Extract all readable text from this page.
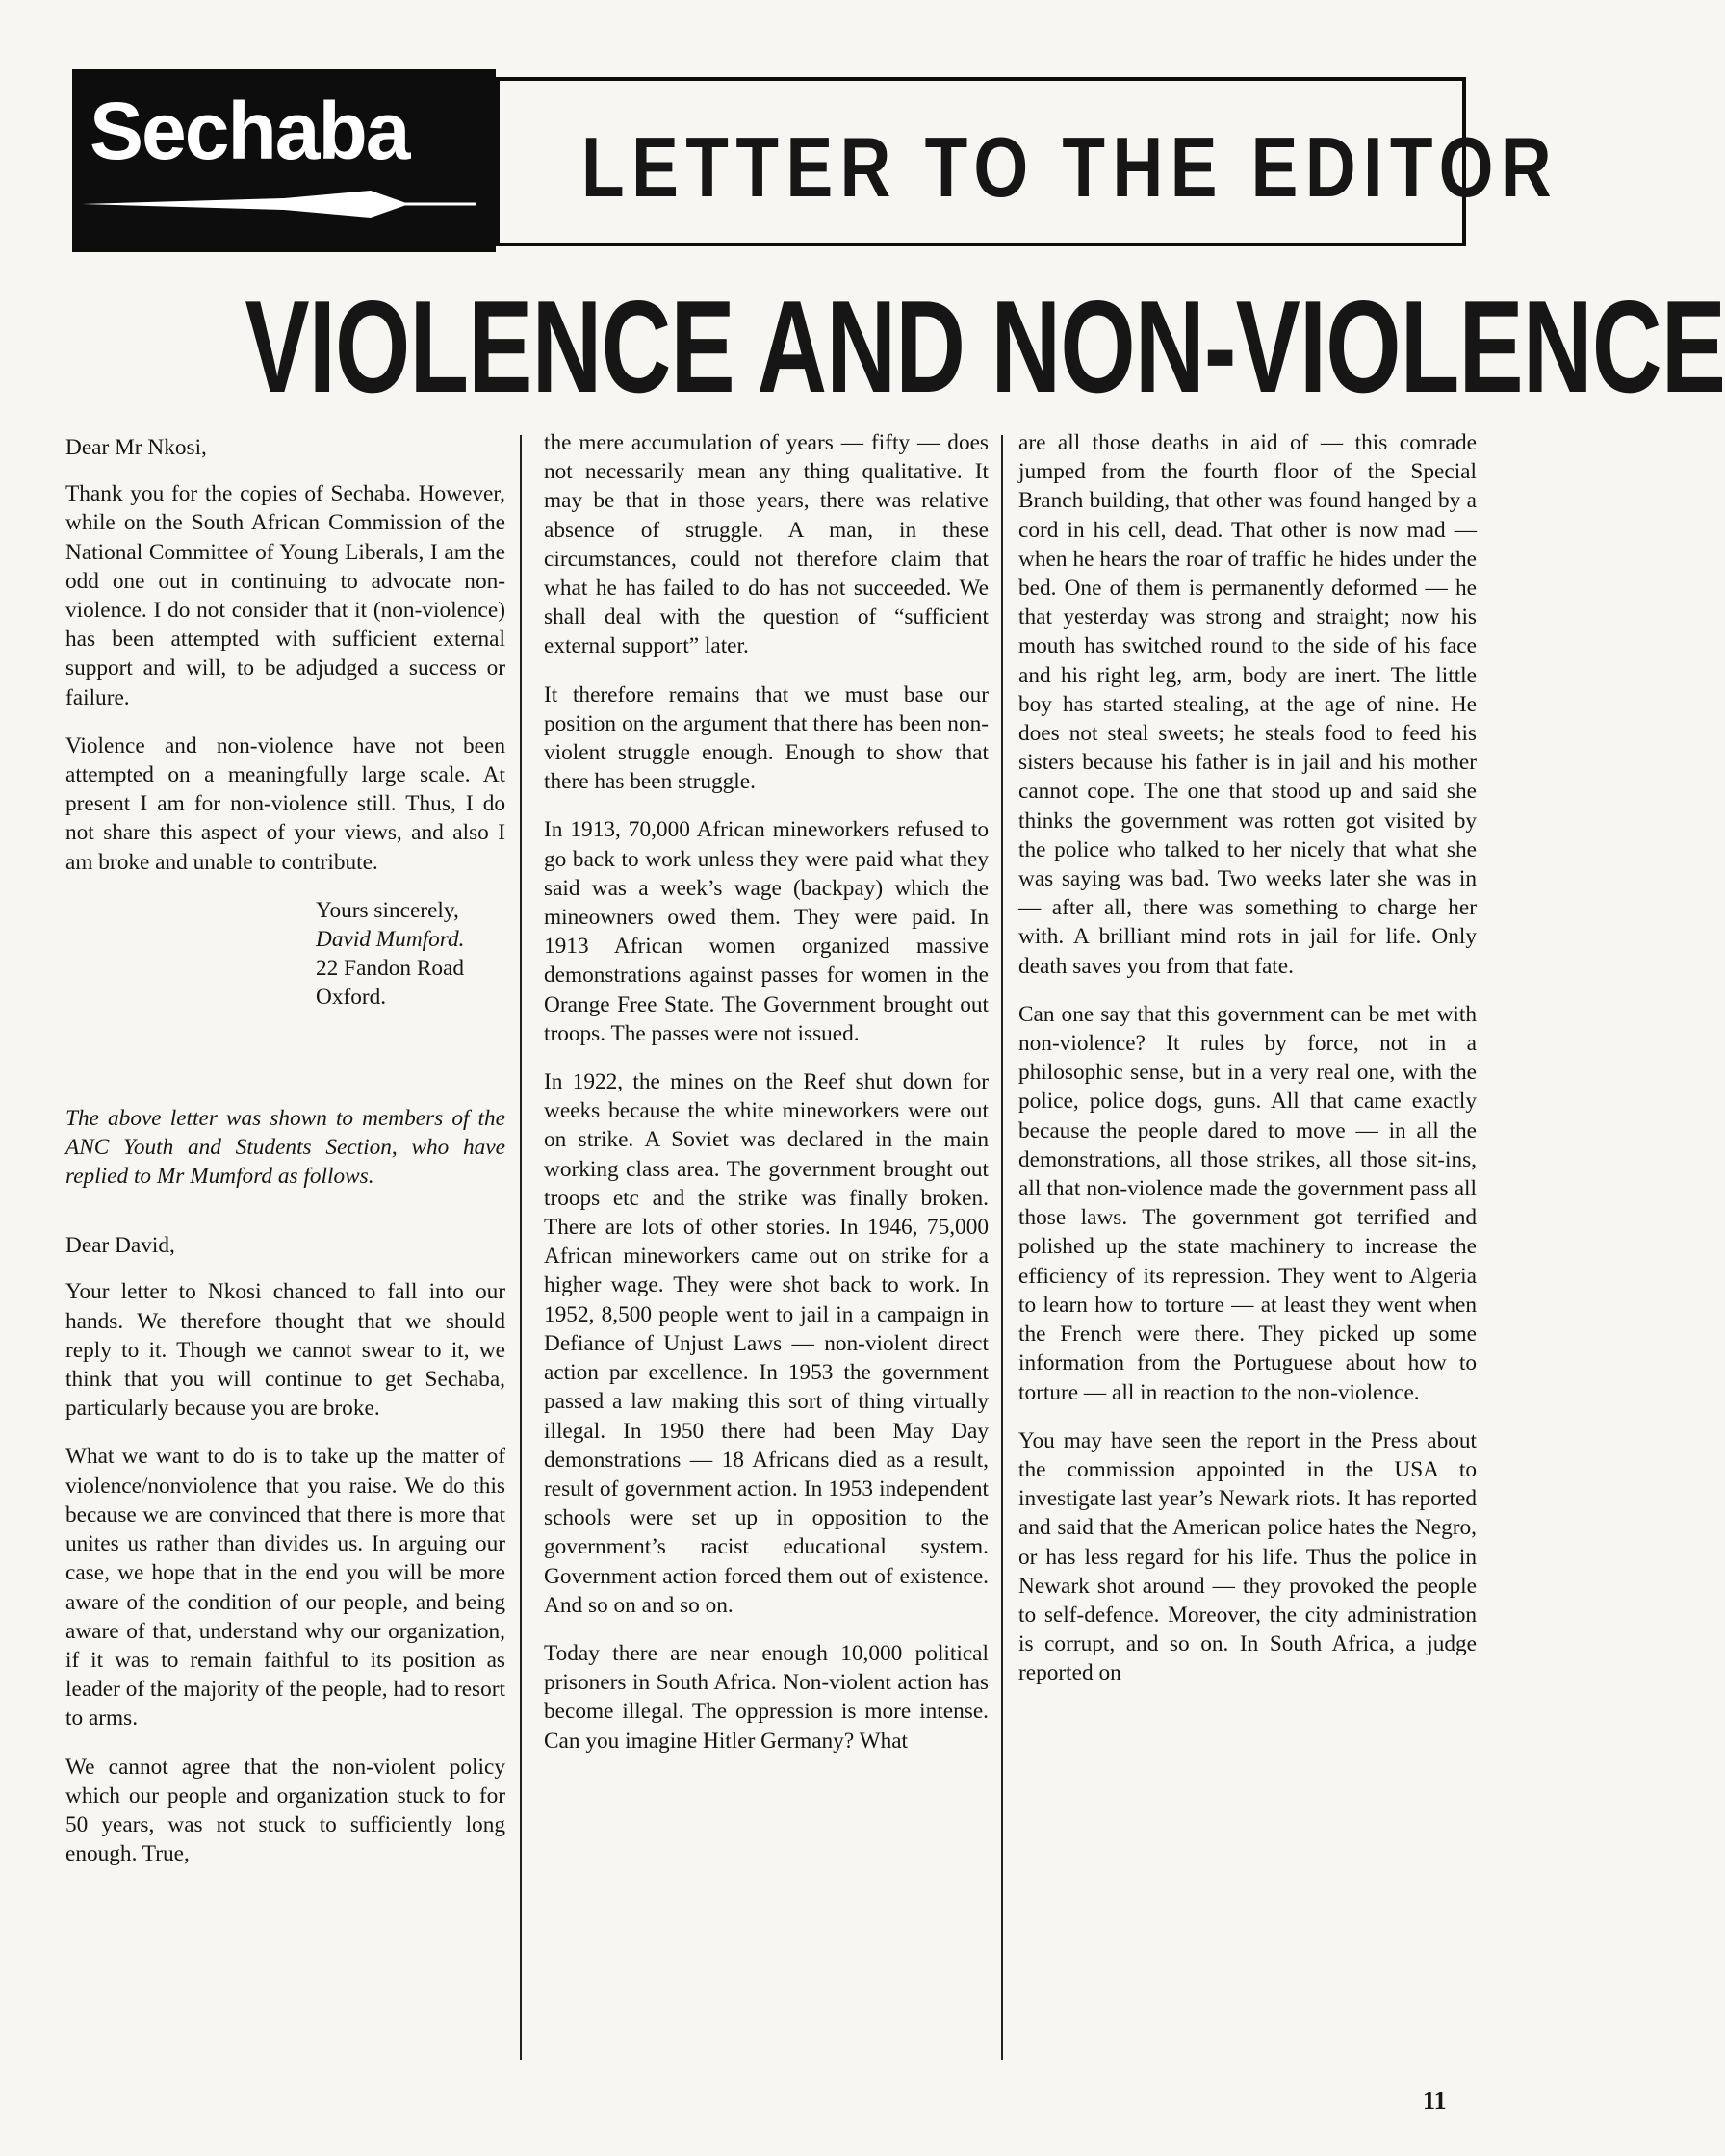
Sechaba LETTER TO THE EDITOR
VIOLENCE AND NON-VIOLENCE

Dear Mr Nkosi,

Thank you for the copies of Sechaba. However, while on the South African Commission of the National Committee of Young Liberals, I am the odd one out in continuing to advocate non-violence. I do not consider that it (non-violence) has been attempted with sufficient external support and will, to be adjudged a success or failure.

Violence and non-violence have not been attempted on a meaningfully large scale. At present I am for non-violence still. Thus, I do not share this aspect of your views, and also I am broke and unable to contribute.

Yours sincerely,
David Mumford.
22 Fandon Road
Oxford.

The above letter was shown to members of the ANC Youth and Students Section, who have replied to Mr Mumford as follows.

Dear David,

Your letter to Nkosi chanced to fall into our hands. We therefore thought that we should reply to it. Though we cannot swear to it, we think that you will continue to get Sechaba, particularly because you are broke.

What we want to do is to take up the matter of violence/nonviolence that you raise. We do this because we are convinced that there is more that unites us rather than divides us. In arguing our case, we hope that in the end you will be more aware of the condition of our people, and being aware of that, understand why our organization, if it was to remain faithful to its position as leader of the majority of the people, had to resort to arms.

We cannot agree that the non-violent policy which our people and organization stuck to for 50 years, was not stuck to sufficiently long enough. True,

the mere accumulation of years — fifty — does not necessarily mean any thing qualitative. It may be that in those years, there was relative absence of struggle. A man, in these circumstances, could not therefore claim that what he has failed to do has not succeeded. We shall deal with the question of “sufficient external support” later.

It therefore remains that we must base our position on the argument that there has been non-violent struggle enough. Enough to show that there has been struggle.

In 1913, 70,000 African mineworkers refused to go back to work unless they were paid what they said was a week’s wage (backpay) which the mineowners owed them. They were paid. In 1913 African women organized massive demonstrations against passes for women in the Orange Free State. The Government brought out troops. The passes were not issued.

In 1922, the mines on the Reef shut down for weeks because the white mineworkers were out on strike. A Soviet was declared in the main working class area. The government brought out troops etc and the strike was finally broken. There are lots of other stories. In 1946, 75,000 African mineworkers came out on strike for a higher wage. They were shot back to work. In 1952, 8,500 people went to jail in a campaign in Defiance of Unjust Laws — non-violent direct action par excellence. In 1953 the government passed a law making this sort of thing virtually illegal. In 1950 there had been May Day demonstrations — 18 Africans died as a result, result of government action. In 1953 independent schools were set up in opposition to the government’s racist educational system. Government action forced them out of existence. And so on and so on.

Today there are near enough 10,000 political prisoners in South Africa. Non-violent action has become illegal. The oppression is more intense. Can you imagine Hitler Germany? What

are all those deaths in aid of — this comrade jumped from the fourth floor of the Special Branch building, that other was found hanged by a cord in his cell, dead. That other is now mad — when he hears the roar of traffic he hides under the bed. One of them is permanently deformed — he that yesterday was strong and straight; now his mouth has switched round to the side of his face and his right leg, arm, body are inert. The little boy has started stealing, at the age of nine. He does not steal sweets; he steals food to feed his sisters because his father is in jail and his mother cannot cope. The one that stood up and said she thinks the government was rotten got visited by the police who talked to her nicely that what she was saying was bad. Two weeks later she was in — after all, there was something to charge her with. A brilliant mind rots in jail for life. Only death saves you from that fate.

Can one say that this government can be met with non-violence? It rules by force, not in a philosophic sense, but in a very real one, with the police, police dogs, guns. All that came exactly because the people dared to move — in all the demonstrations, all those strikes, all those sit-ins, all that non-violence made the government pass all those laws. The government got terrified and polished up the state machinery to increase the efficiency of its repression. They went to Algeria to learn how to torture — at least they went when the French were there. They picked up some information from the Portuguese about how to torture — all in reaction to the non-violence.

You may have seen the report in the Press about the commission appointed in the USA to investigate last year’s Newark riots. It has reported and said that the American police hates the Negro, or has less regard for his life. Thus the police in Newark shot around — they provoked the people to self-defence. Moreover, the city administration is corrupt, and so on. In South Africa, a judge reported on

11
